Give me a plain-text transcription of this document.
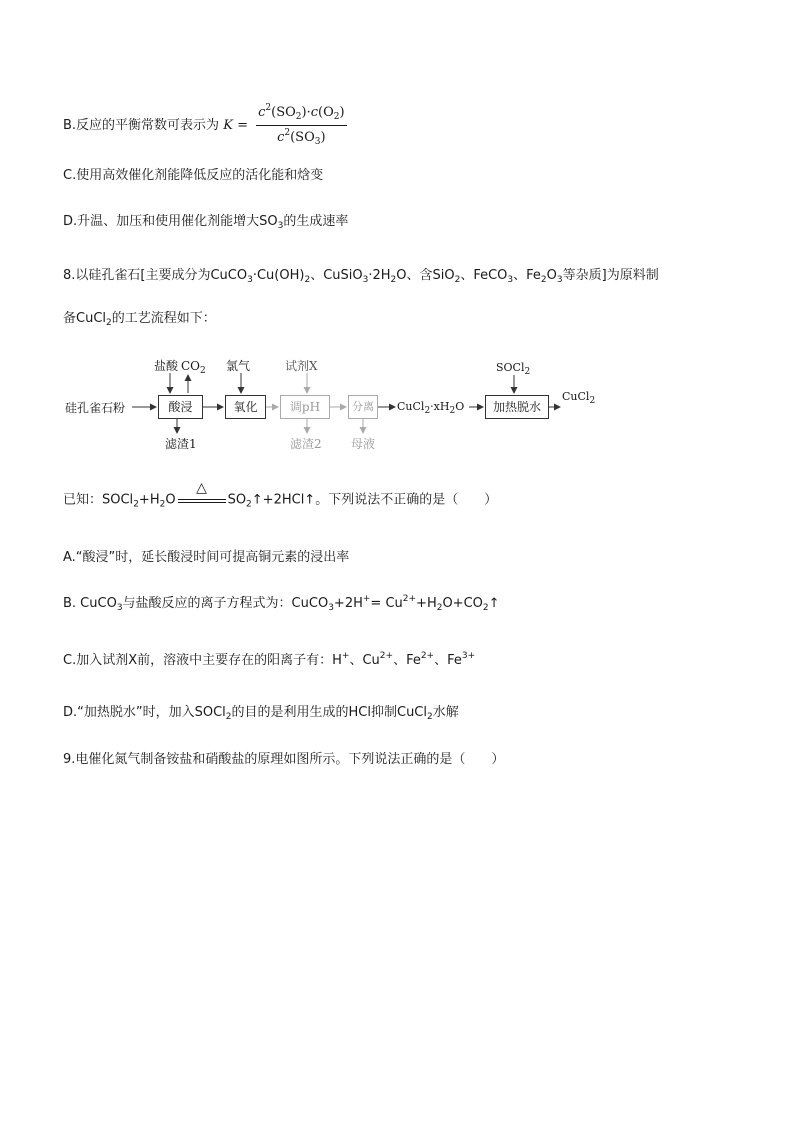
B.反应的平衡常数可表示为 $K = \frac{c^2(SO_2)\cdot c(O_2)}{c^2(SO_3)}$
C.使用高效催化剂能降低反应的活化能和焓变
D.升温、加压和使用催化剂能增大$SO_3$的生成速率
8.以硅孔雀石[主要成分为$CuCO_3\cdot Cu(OH)_2$、$CuSiO_3\cdot 2H_2O$、含SiO$_2$、FeCO$_3$、$Fe_2O_3$等杂质]为原料制
备CuCl$_2$的工艺流程如下：
硅孔雀石粉
盐酸 $CO_2$
酸浸
滤渣1
氯气
氧化
试剂X
调pH
滤渣2
分离
母液
$CuCl_2\cdot xH_2O$
SOCl$_2$
加热脱水
CuCl$_2$
已知：$SOCl_2+H_2O$
△
$SO_2↑+2HCl↑$。下列说法不正确的是（　　）
A.“酸浸”时，延长酸浸时间可提高铜元素的浸出率
B. CuCO$_3$与盐酸反应的离子方程式为：CuCO$_3$+2H+= $Cu^{2+}+H_2O+CO_2↑$
C.加入试剂X前，溶液中主要存在的阳离子有：H+、$Cu^{2+}$、$Fe^{2+}$、$Fe^{3+}$
D.“加热脱水”时，加入SOCl$_2$的目的是利用生成的HCl抑制CuCl$_2$水解
9.电催化氮气制备铵盐和硝酸盐的原理如图所示。下列说法正确的是（　　）
